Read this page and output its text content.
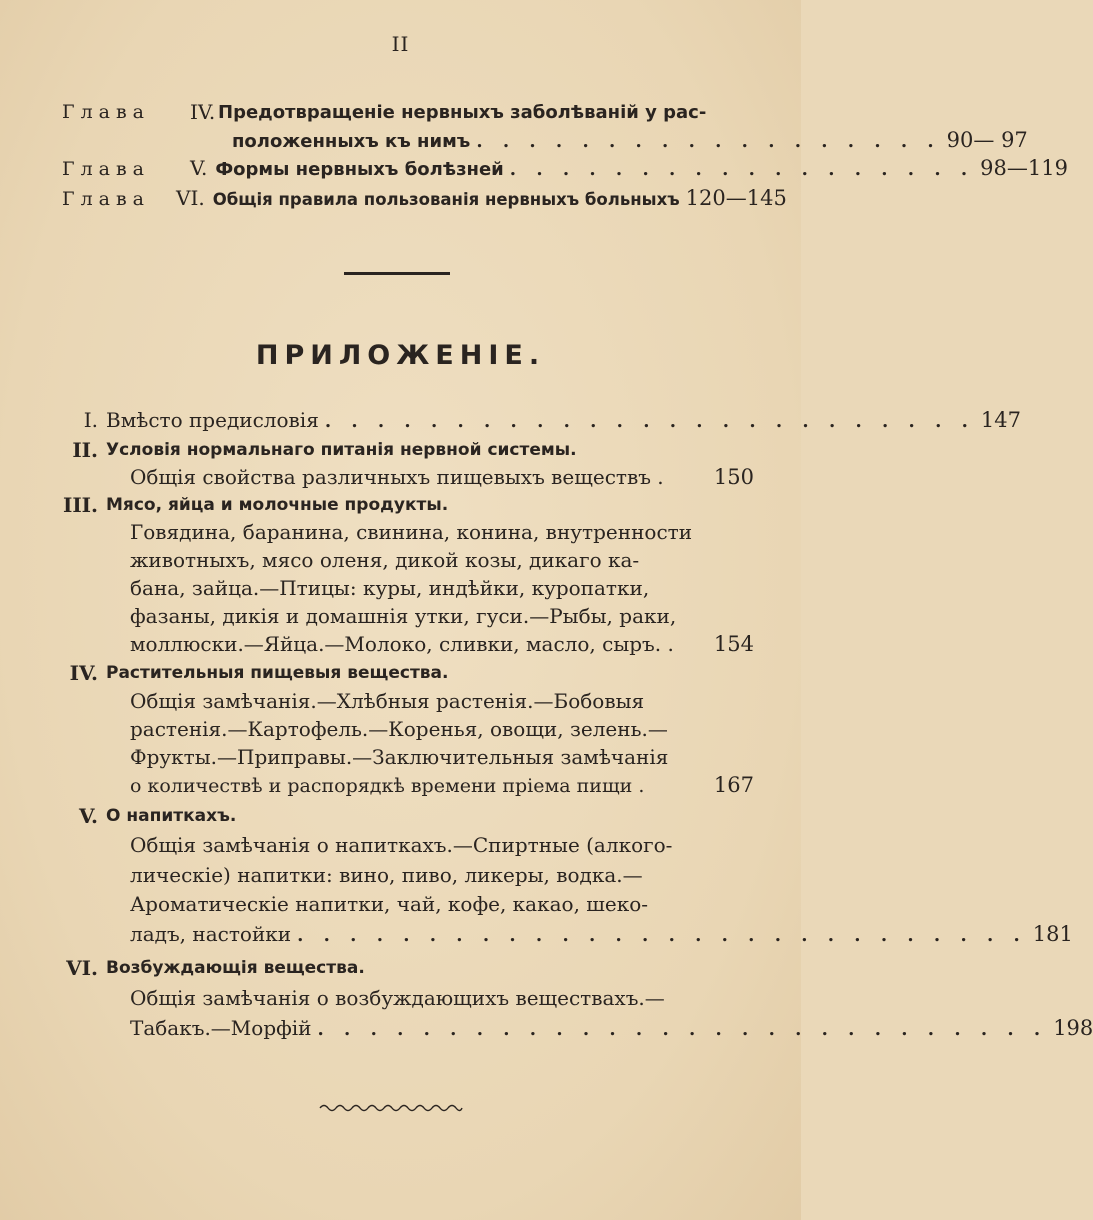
II
Глава IV. Предотвращеніе нервныхъ заболѣваній у рас-
положенныхъ къ нимъ . . . . . . . . . . . . . . . . . . 90— 97
Глава V. Формы нервныхъ болѣзней . . . . . . . . . . . . . . . . . . 98—119
Глава VI. Общія правила пользованія нервныхъ больныхъ 120—145
ПРИЛОЖЕНІЕ.
I. Вмѣсто предисловія . . . . . . . . . . . . . . . . . . . . . . . . . 147
II. Условія нормальнаго питанія нервной системы.
Общія свойства различныхъ пищевыхъ веществъ . 150
III. Мясо, яйца и молочные продукты.
Говядина, баранина, свинина, конина, внутренности
животныхъ, мясо оленя, дикой козы, дикаго ка-
бана, зайца.—Птицы: куры, индѣйки, куропатки,
фазаны, дикія и домашнія утки, гуси.—Рыбы, раки,
моллюски.—Яйца.—Молоко, сливки, масло, сыръ. . 154
IV. Растительныя пищевыя вещества.
Общія замѣчанія.—Хлѣбныя растенія.—Бобовыя
растенія.—Картофель.—Коренья, овощи, зелень.—
Фрукты.—Приправы.—Заключительныя замѣчанія
о количествѣ и распорядкѣ времени пріема пищи .	167
V. О напиткахъ.
Общія замѣчанія о напиткахъ.—Спиртные (алкого-
лическіе) напитки: вино, пиво, ликеры, водка.—
Ароматическіе напитки, чай, кофе, какао, шеко-
ладъ, настойки . . . . . . . . . . . . . . . . . . . . . . . . . . . . 181
VI. Возбуждающія вещества.
Общія замѣчанія о возбуждающихъ веществахъ.—
Табакъ.—Морфій . . . . . . . . . . . . . . . . . . . . . . . . . . . . 198
